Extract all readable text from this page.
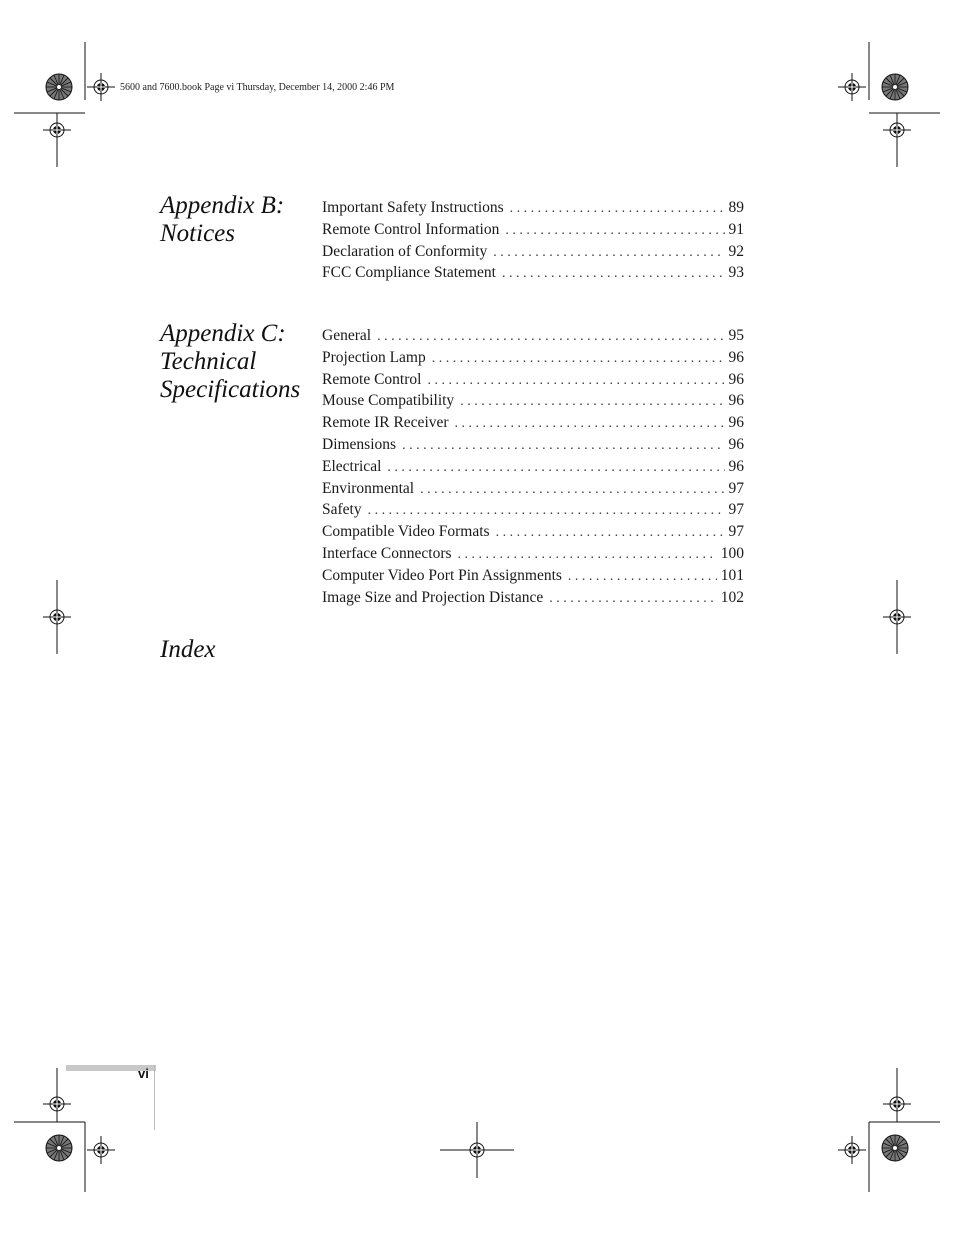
5600 and 7600.book Page vi Thursday, December 14, 2000 2:46 PM
Appendix B:
Notices
Important Safety Instructions . . .	89
Remote Control Information . . .	91
Declaration of Conformity . . .	92
FCC Compliance Statement . . .	93
Appendix C:
Technical
Specifications
General . . .	95
Projection Lamp . . .	96
Remote Control . . .	96
Mouse Compatibility . . .	96
Remote IR Receiver . . .	96
Dimensions . . .	96
Electrical . . .	96
Environmental . . .	97
Safety . . .	97
Compatible Video Formats . . .	97
Interface Connectors . . .	100
Computer Video Port Pin Assignments . . .	101
Image Size and Projection Distance . . .	102
Index
vi
